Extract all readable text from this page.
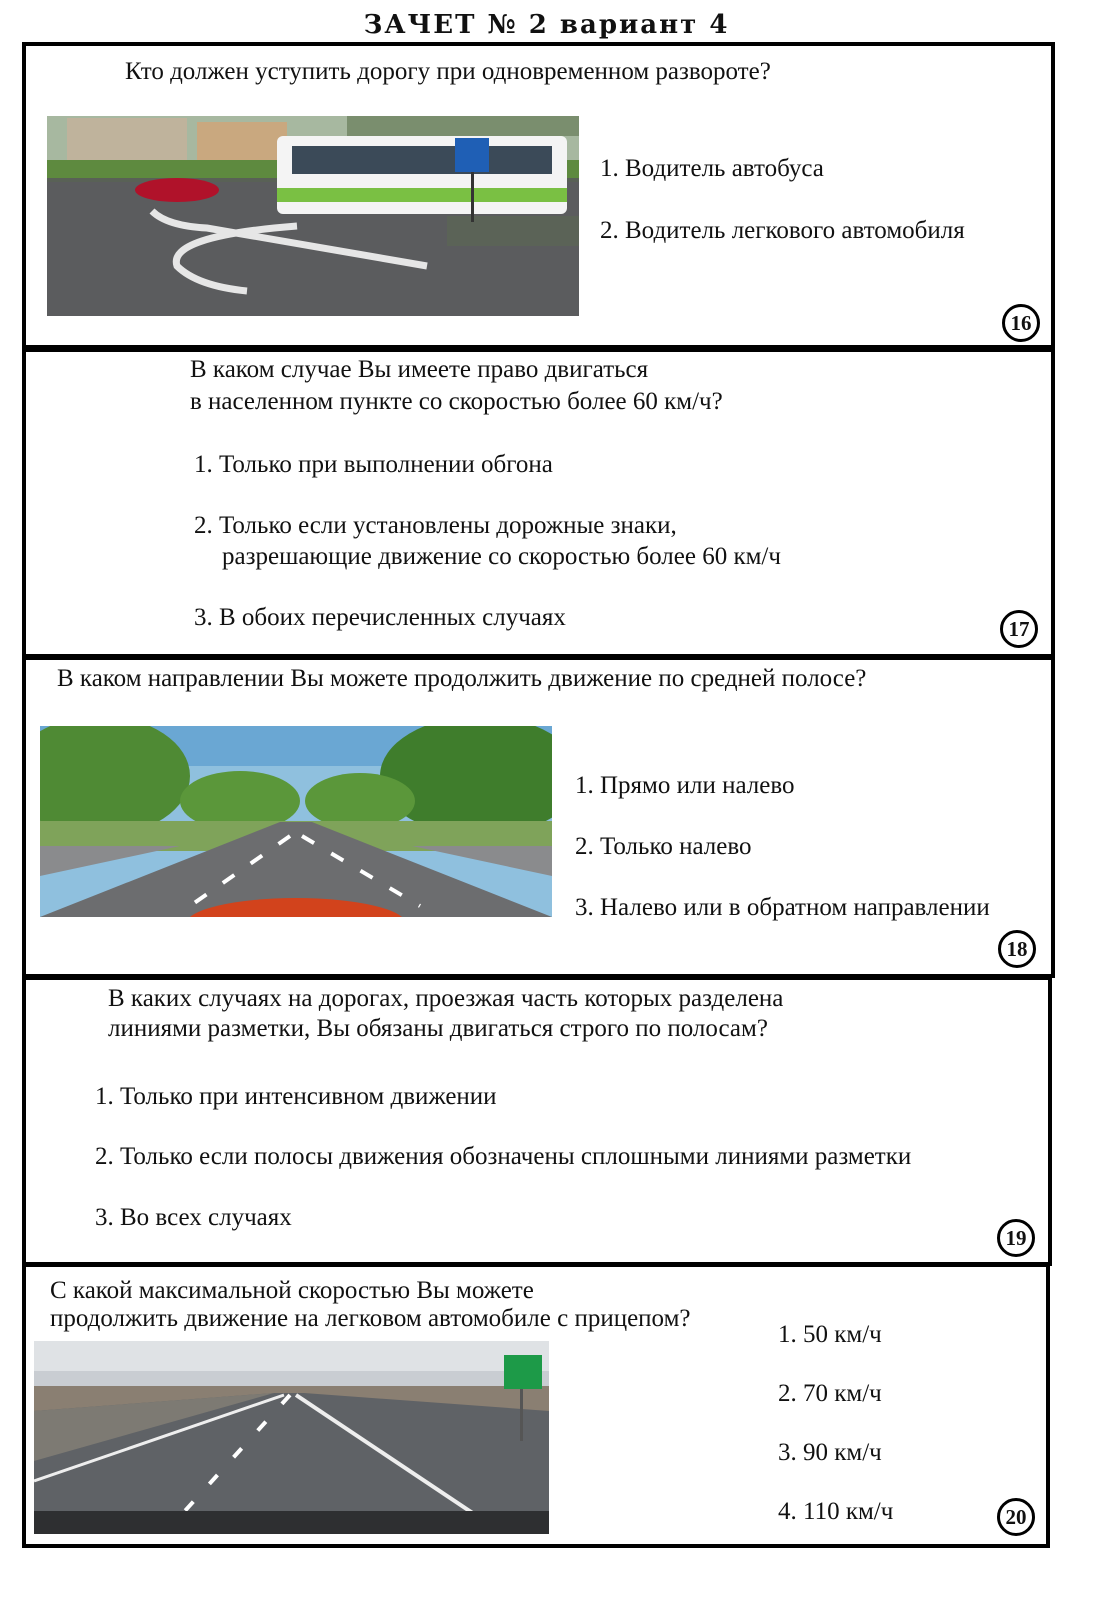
ЗАЧЕТ № 2 вариант 4
Кто должен уступить дорогу при одновременном развороте?
1. Водитель автобуса
2. Водитель легкового автомобиля
16
В каком случае Вы имеете право двигаться
в населенном пункте со скоростью более 60 км/ч?
1. Только при выполнении обгона
2. Только если установлены дорожные знаки,
разрешающие движение со скоростью более 60 км/ч
3. В обоих перечисленных случаях	17
В каком направлении Вы можете продолжить движение по средней полосе?
1. Прямо или налево
2. Только налево
3. Налево или в обратном направлении
18
В каких случаях на дорогах, проезжая часть которых разделена
линиями разметки, Вы обязаны двигаться строго по полосам?
1. Только при интенсивном движении
2. Только если полосы движения обозначены сплошными линиями разметки
3. Во всех случаях
19
С какой максимальной скоростью Вы можете
продолжить движение на легковом автомобиле с прицепом?
1. 50 км/ч
2. 70 км/ч
3. 90 км/ч
4. 110 км/ч	20
